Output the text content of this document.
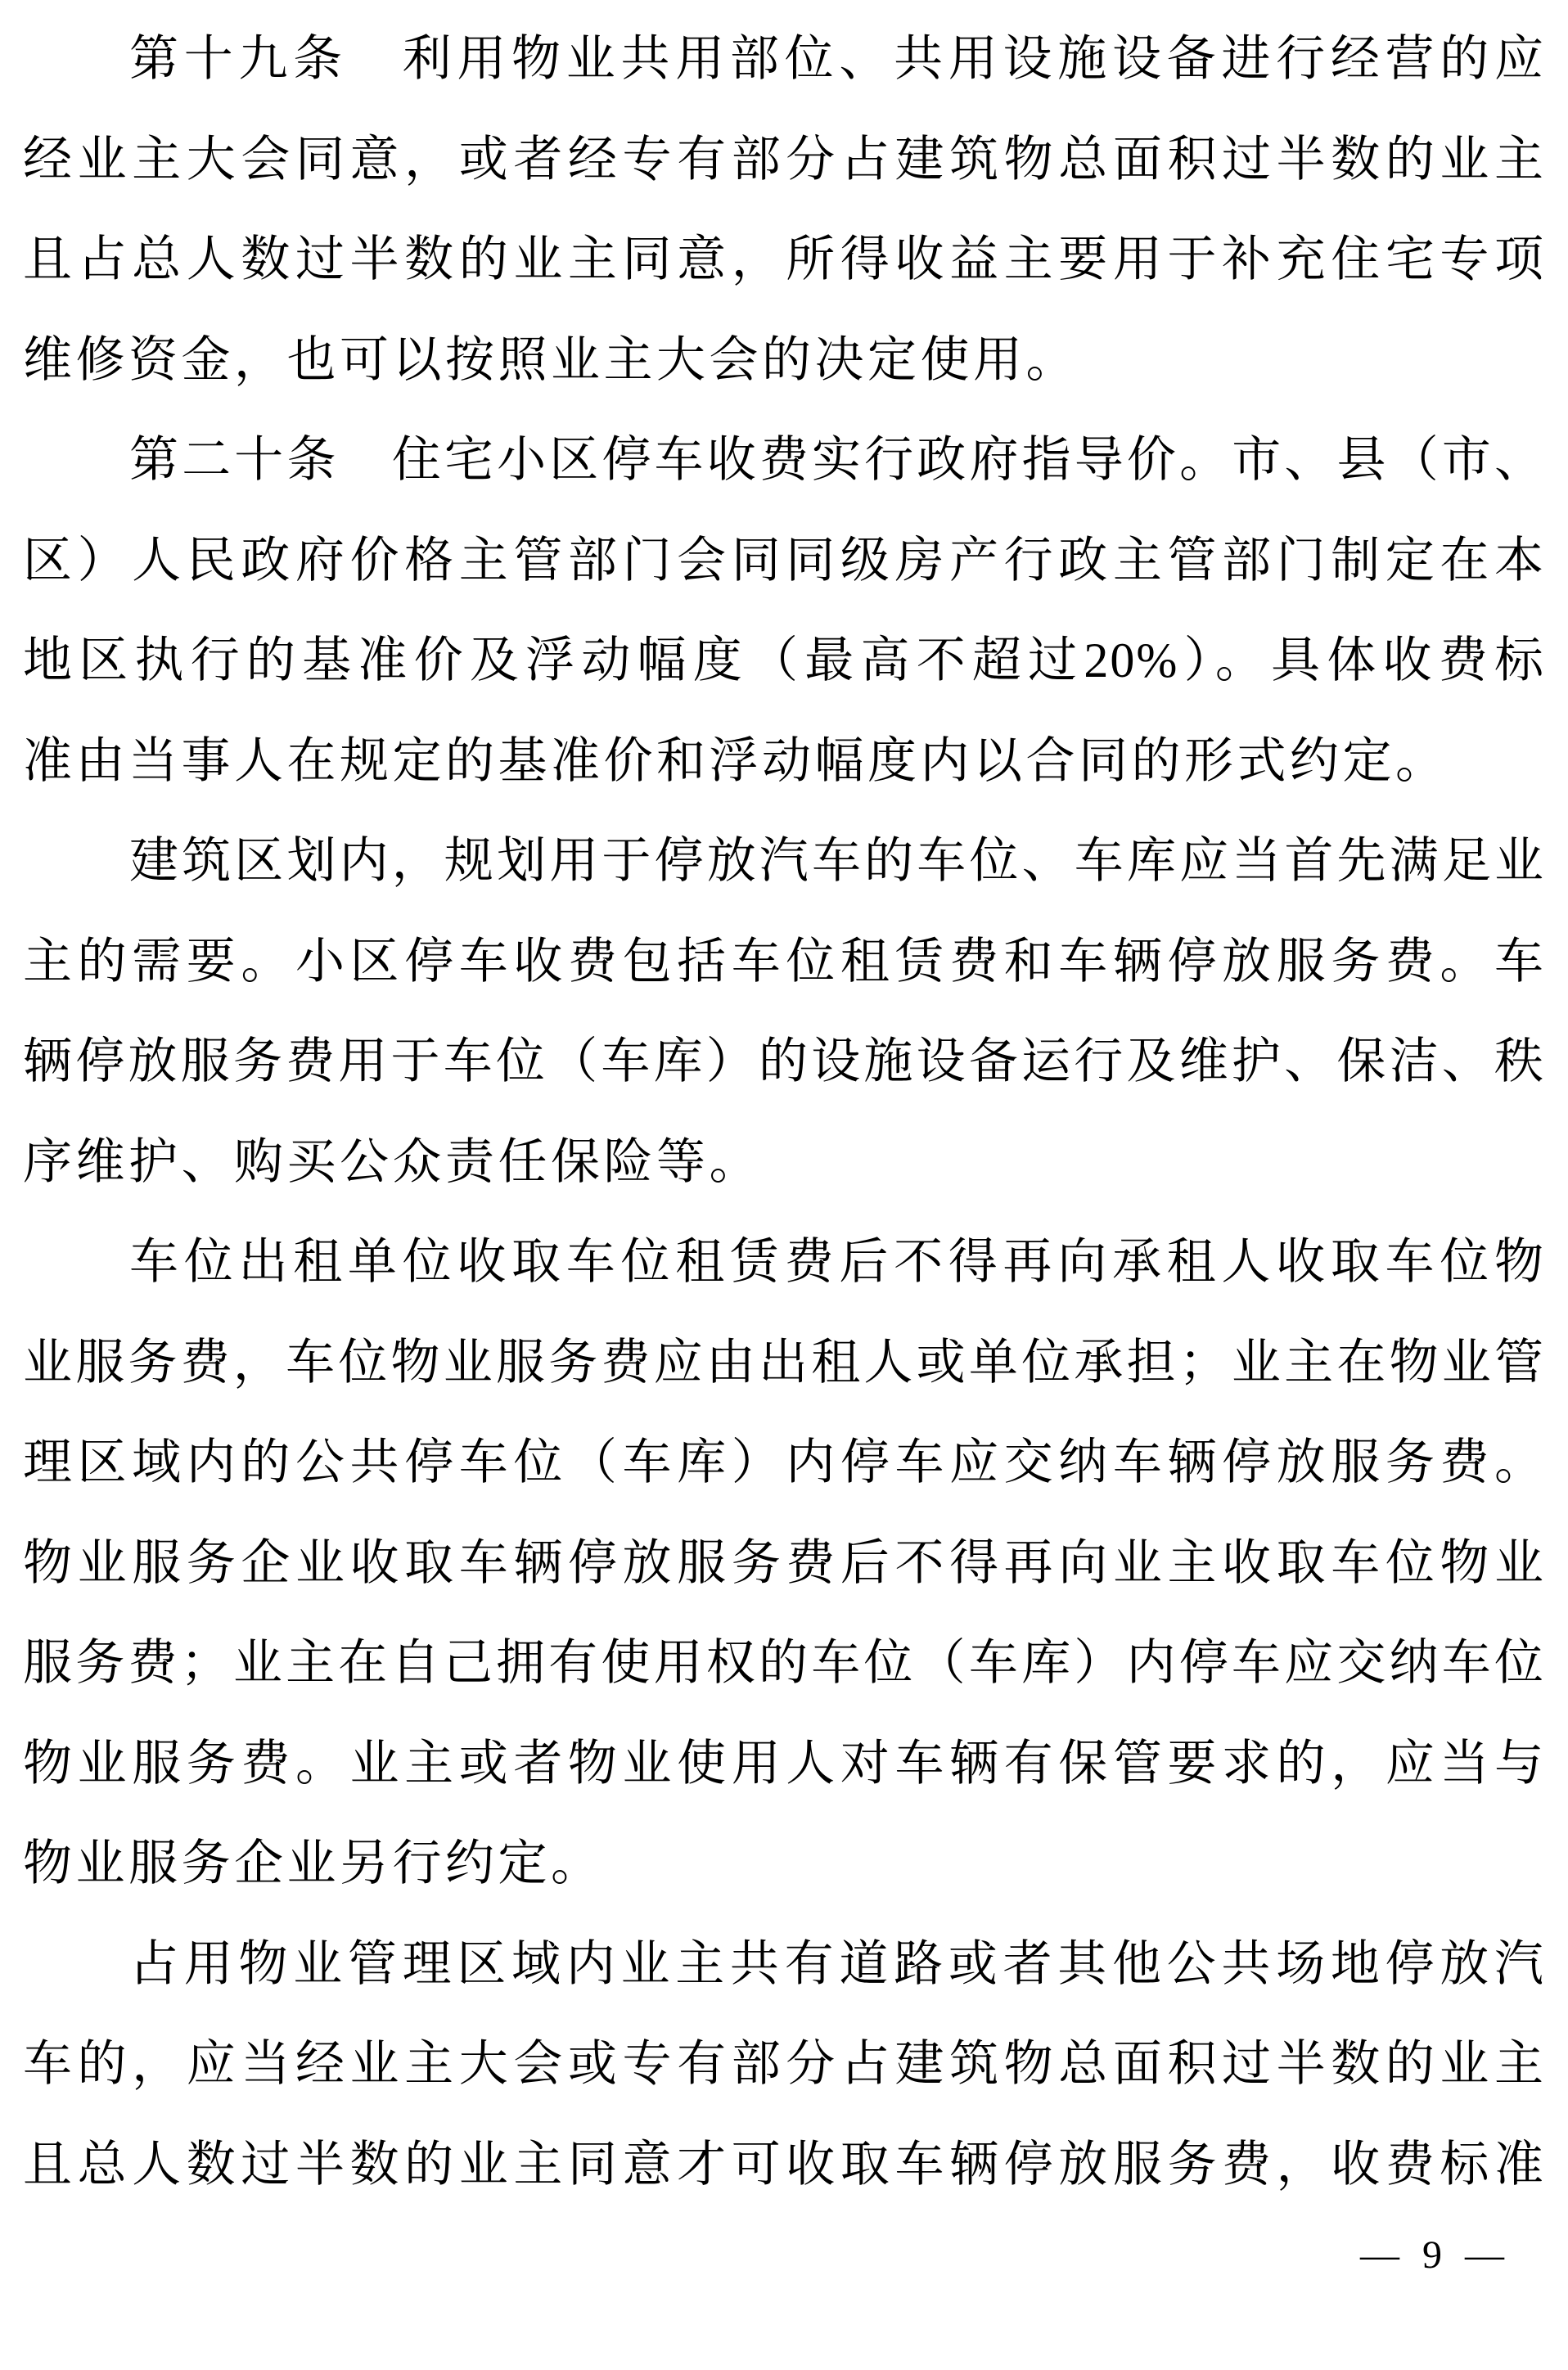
第十九条　利用物业共用部位、共用设施设备进行经营的应
经业主大会同意，或者经专有部分占建筑物总面积过半数的业主
且占总人数过半数的业主同意，所得收益主要用于补充住宅专项
维修资金，也可以按照业主大会的决定使用。
第二十条　住宅小区停车收费实行政府指导价。市、县（市、
区）人民政府价格主管部门会同同级房产行政主管部门制定在本
地区执行的基准价及浮动幅度（最高不超过20%）。具体收费标
准由当事人在规定的基准价和浮动幅度内以合同的形式约定。
建筑区划内，规划用于停放汽车的车位、车库应当首先满足业
主的需要。小区停车收费包括车位租赁费和车辆停放服务费。车
辆停放服务费用于车位（车库）的设施设备运行及维护、保洁、秩
序维护、购买公众责任保险等。
车位出租单位收取车位租赁费后不得再向承租人收取车位物
业服务费，车位物业服务费应由出租人或单位承担；业主在物业管
理区域内的公共停车位（车库）内停车应交纳车辆停放服务费。
物业服务企业收取车辆停放服务费后不得再向业主收取车位物业
服务费；业主在自己拥有使用权的车位（车库）内停车应交纳车位
物业服务费。业主或者物业使用人对车辆有保管要求的，应当与
物业服务企业另行约定。
占用物业管理区域内业主共有道路或者其他公共场地停放汽
车的，应当经业主大会或专有部分占建筑物总面积过半数的业主
且总人数过半数的业主同意才可收取车辆停放服务费，收费标准
— 9 —
